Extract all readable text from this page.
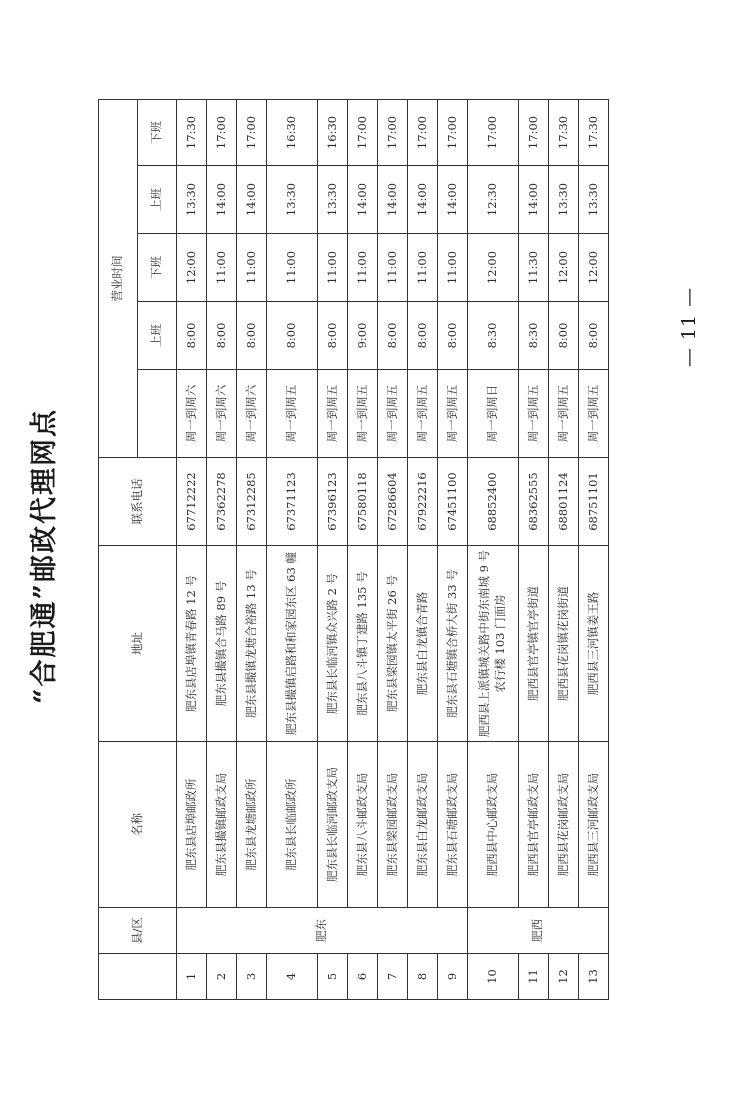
“合肥通”邮政代理网点
	县/区	名称	地址	联系电话	营业时间				
						上班	下班	上班	下班
1	肥东	肥东县店埠邮政所	肥东县店埠镇青春路 12 号	67712222	周一到周六	8:00	12:00	13:30	17:30
2		肥东县撮镇邮政支局	肥东县撮镇合马路 89 号	67362278	周一到周六	8:00	11:00	14:00	17:00
3		肥东县龙塘邮政所	肥东县撮镇龙塘合裕路 13 号	67312285	周一到周六	8:00	11:00	14:00	17:00
4		肥东县长临邮政所	肥东县撮镇启路和和家园东区 63 幢	67371123	周一到周五	8:00	11:00	13:30	16:30
5		肥东县长临河邮政支局	肥东县长临河镇众兴路 2 号	67396123	周一到周五	8:00	11:00	13:30	16:30
6		肥东县八斗邮政支局	肥东县八斗镇丁建路 135 号	67580118	周一到周五	9:00	11:00	14:00	17:00
7		肥东县梁园邮政支局	肥东县梁园镇太平街 26 号	67286604	周一到周五	8:00	11:00	14:00	17:00
8		肥东县白龙邮政支局	肥东县白龙镇合青路	67922216	周一到周五	8:00	11:00	14:00	17:00
9		肥东县石塘邮政支局	肥东县石塘镇合桥大街 33 号	67451100	周一到周五	8:00	11:00	14:00	17:00
10	肥西	肥西县中心邮政支局	肥西县上派镇城关路中街东南城 9 号农行楼 103 门面房	68852400	周一到周日	8:30	12:00	12:30	17:00
11		肥西县官亭邮政支局	肥西县官亭镇官亭街道	68362555	周一到周五	8:30	11:30	14:00	17:00
12		肥西县花岗邮政支局	肥西县花岗镇花岗街道	68801124	周一到周五	8:00	12:00	13:30	17:30
13		肥西县三河邮政支局	肥西县三河镇姜王路	68751101	周一到周五	8:00	12:00	13:30	17:30
— 11 —
